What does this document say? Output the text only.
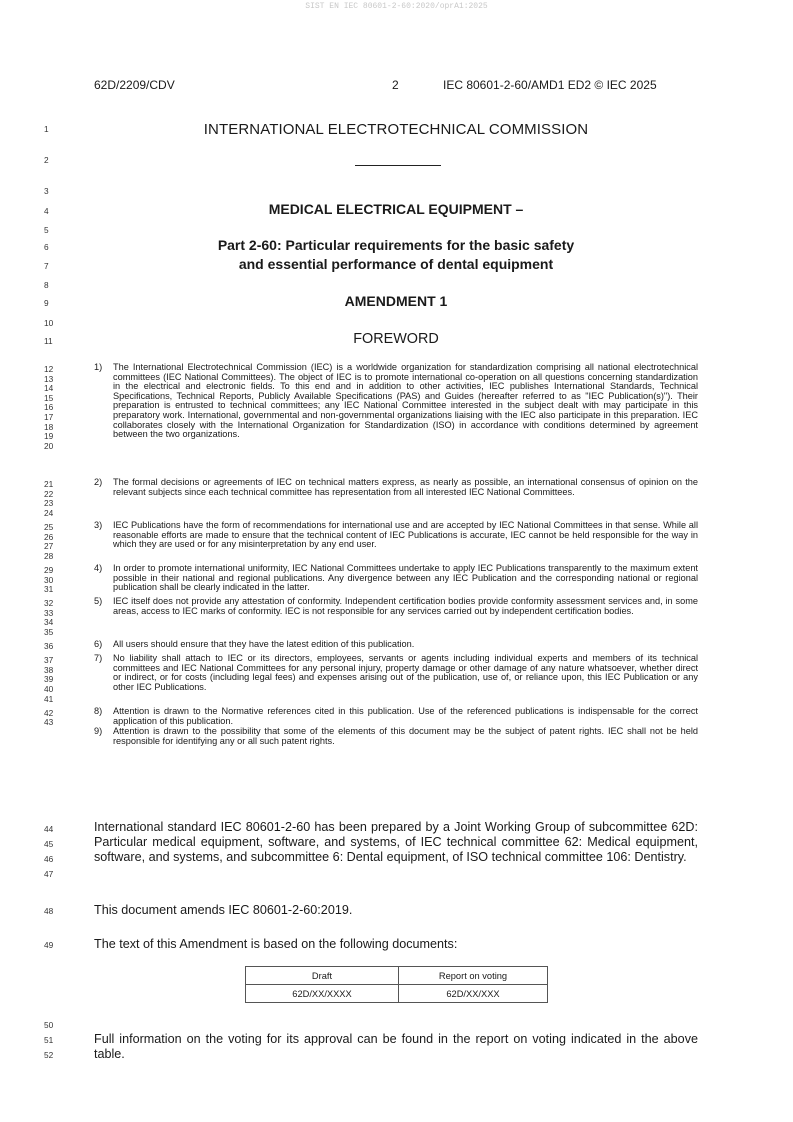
SIST EN IEC 80601-2-60:2020/oprA1:2025
62D/2209/CDV	2	IEC 80601-2-60/AMD1 ED2 © IEC 2025
1
2
3
4
5
6
7
8
9
10
11
12
13
14
15
16
17
18
19
20
21
22
23
24
25
26
27
28
29
30
31
32
33
34
35
36
37
38
39
40
41
42
43
INTERNATIONAL ELECTROTECHNICAL COMMISSION
MEDICAL ELECTRICAL EQUIPMENT –
Part 2-60: Particular requirements for the basic safety
and essential performance of dental equipment
AMENDMENT 1
FOREWORD
1) The International Electrotechnical Commission (IEC) is a worldwide organization for standardization comprising all national electrotechnical committees (IEC National Committees). The object of IEC is to promote international co-operation on all questions concerning standardization in the electrical and electronic fields. To this end and in addition to other activities, IEC publishes International Standards, Technical Specifications, Technical Reports, Publicly Available Specifications (PAS) and Guides (hereafter referred to as "IEC Publication(s)"). Their preparation is entrusted to technical committees; any IEC National Committee interested in the subject dealt with may participate in this preparatory work. International, governmental and non-governmental organizations liaising with the IEC also participate in this preparation. IEC collaborates closely with the International Organization for Standardization (ISO) in accordance with conditions determined by agreement between the two organizations.
2) The formal decisions or agreements of IEC on technical matters express, as nearly as possible, an international consensus of opinion on the relevant subjects since each technical committee has representation from all interested IEC National Committees.
3) IEC Publications have the form of recommendations for international use and are accepted by IEC National Committees in that sense. While all reasonable efforts are made to ensure that the technical content of IEC Publications is accurate, IEC cannot be held responsible for the way in which they are used or for any misinterpretation by any end user.
4) In order to promote international uniformity, IEC National Committees undertake to apply IEC Publications transparently to the maximum extent possible in their national and regional publications. Any divergence between any IEC Publication and the corresponding national or regional publication shall be clearly indicated in the latter.
5) IEC itself does not provide any attestation of conformity. Independent certification bodies provide conformity assessment services and, in some areas, access to IEC marks of conformity. IEC is not responsible for any services carried out by independent certification bodies.
6) All users should ensure that they have the latest edition of this publication.
7) No liability shall attach to IEC or its directors, employees, servants or agents including individual experts and members of its technical committees and IEC National Committees for any personal injury, property damage or other damage of any nature whatsoever, whether direct or indirect, or for costs (including legal fees) and expenses arising out of the publication, use of, or reliance upon, this IEC Publication or any other IEC Publications.
8) Attention is drawn to the Normative references cited in this publication. Use of the referenced publications is indispensable for the correct application of this publication.
9) Attention is drawn to the possibility that some of the elements of this document may be the subject of patent rights. IEC shall not be held responsible for identifying any or all such patent rights.
International standard IEC 80601-2-60 has been prepared by a Joint Working Group of subcommittee 62D: Particular medical equipment, software, and systems, of IEC technical committee 62: Medical equipment, software, and systems, and subcommittee 6: Dental equipment, of ISO technical committee 106: Dentistry.
44
45
46
47
This document amends IEC 80601-2-60:2019.
48
The text of this Amendment is based on the following documents:
49
Draft	Report on voting
62D/XX/XXXX	62D/XX/XXX
50
Full information on the voting for its approval can be found in the report on voting indicated in the above table.
51
52
